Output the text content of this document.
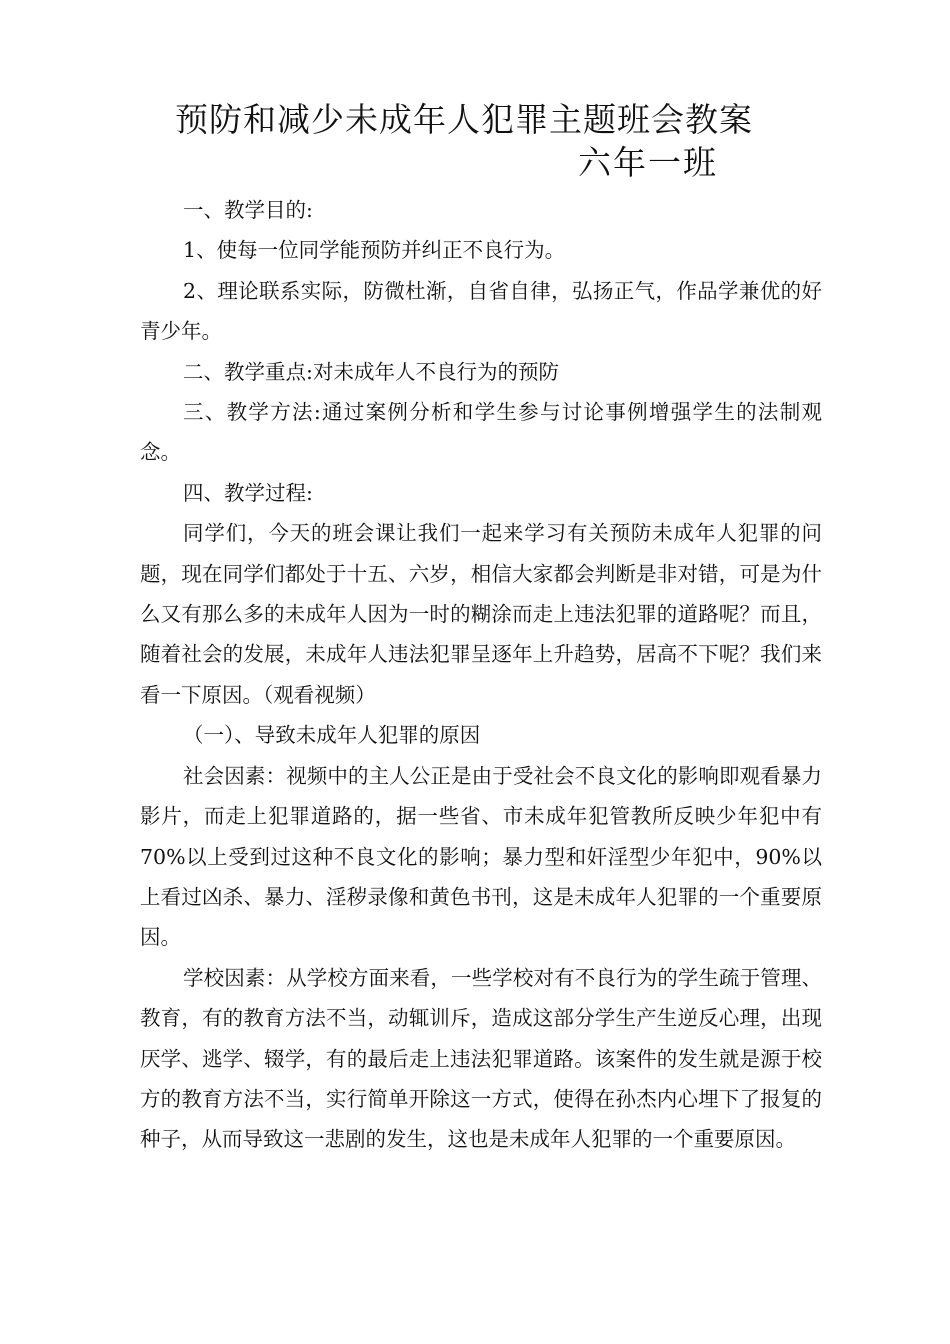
预防和减少未成年人犯罪主题班会教案
六年一班

一、教学目的:

1、使每一位同学能预防并纠正不良行为。

2、理论联系实际，防微杜渐，自省自律，弘扬正气，作品学兼优的好青少年。

二、教学重点:对未成年人不良行为的预防

三、教学方法:通过案例分析和学生参与讨论事例增强学生的法制观念。

四、教学过程:

同学们，今天的班会课让我们一起来学习有关预防未成年人犯罪的问题，现在同学们都处于十五、六岁，相信大家都会判断是非对错，可是为什么又有那么多的未成年人因为一时的糊涂而走上违法犯罪的道路呢？而且，随着社会的发展，未成年人违法犯罪呈逐年上升趋势，居高不下呢？我们来看一下原因。（观看视频）

（一）、导致未成年人犯罪的原因

社会因素：视频中的主人公正是由于受社会不良文化的影响即观看暴力影片，而走上犯罪道路的，据一些省、市未成年犯管教所反映少年犯中有70%以上受到过这种不良文化的影响；暴力型和奸淫型少年犯中，90%以上看过凶杀、暴力、淫秽录像和黄色书刊，这是未成年人犯罪的一个重要原因。

学校因素：从学校方面来看，一些学校对有不良行为的学生疏于管理、教育，有的教育方法不当，动辄训斥，造成这部分学生产生逆反心理，出现厌学、逃学、辍学，有的最后走上违法犯罪道路。该案件的发生就是源于校方的教育方法不当，实行简单开除这一方式，使得在孙杰内心埋下了报复的种子，从而导致这一悲剧的发生，这也是未成年人犯罪的一个重要原因。
